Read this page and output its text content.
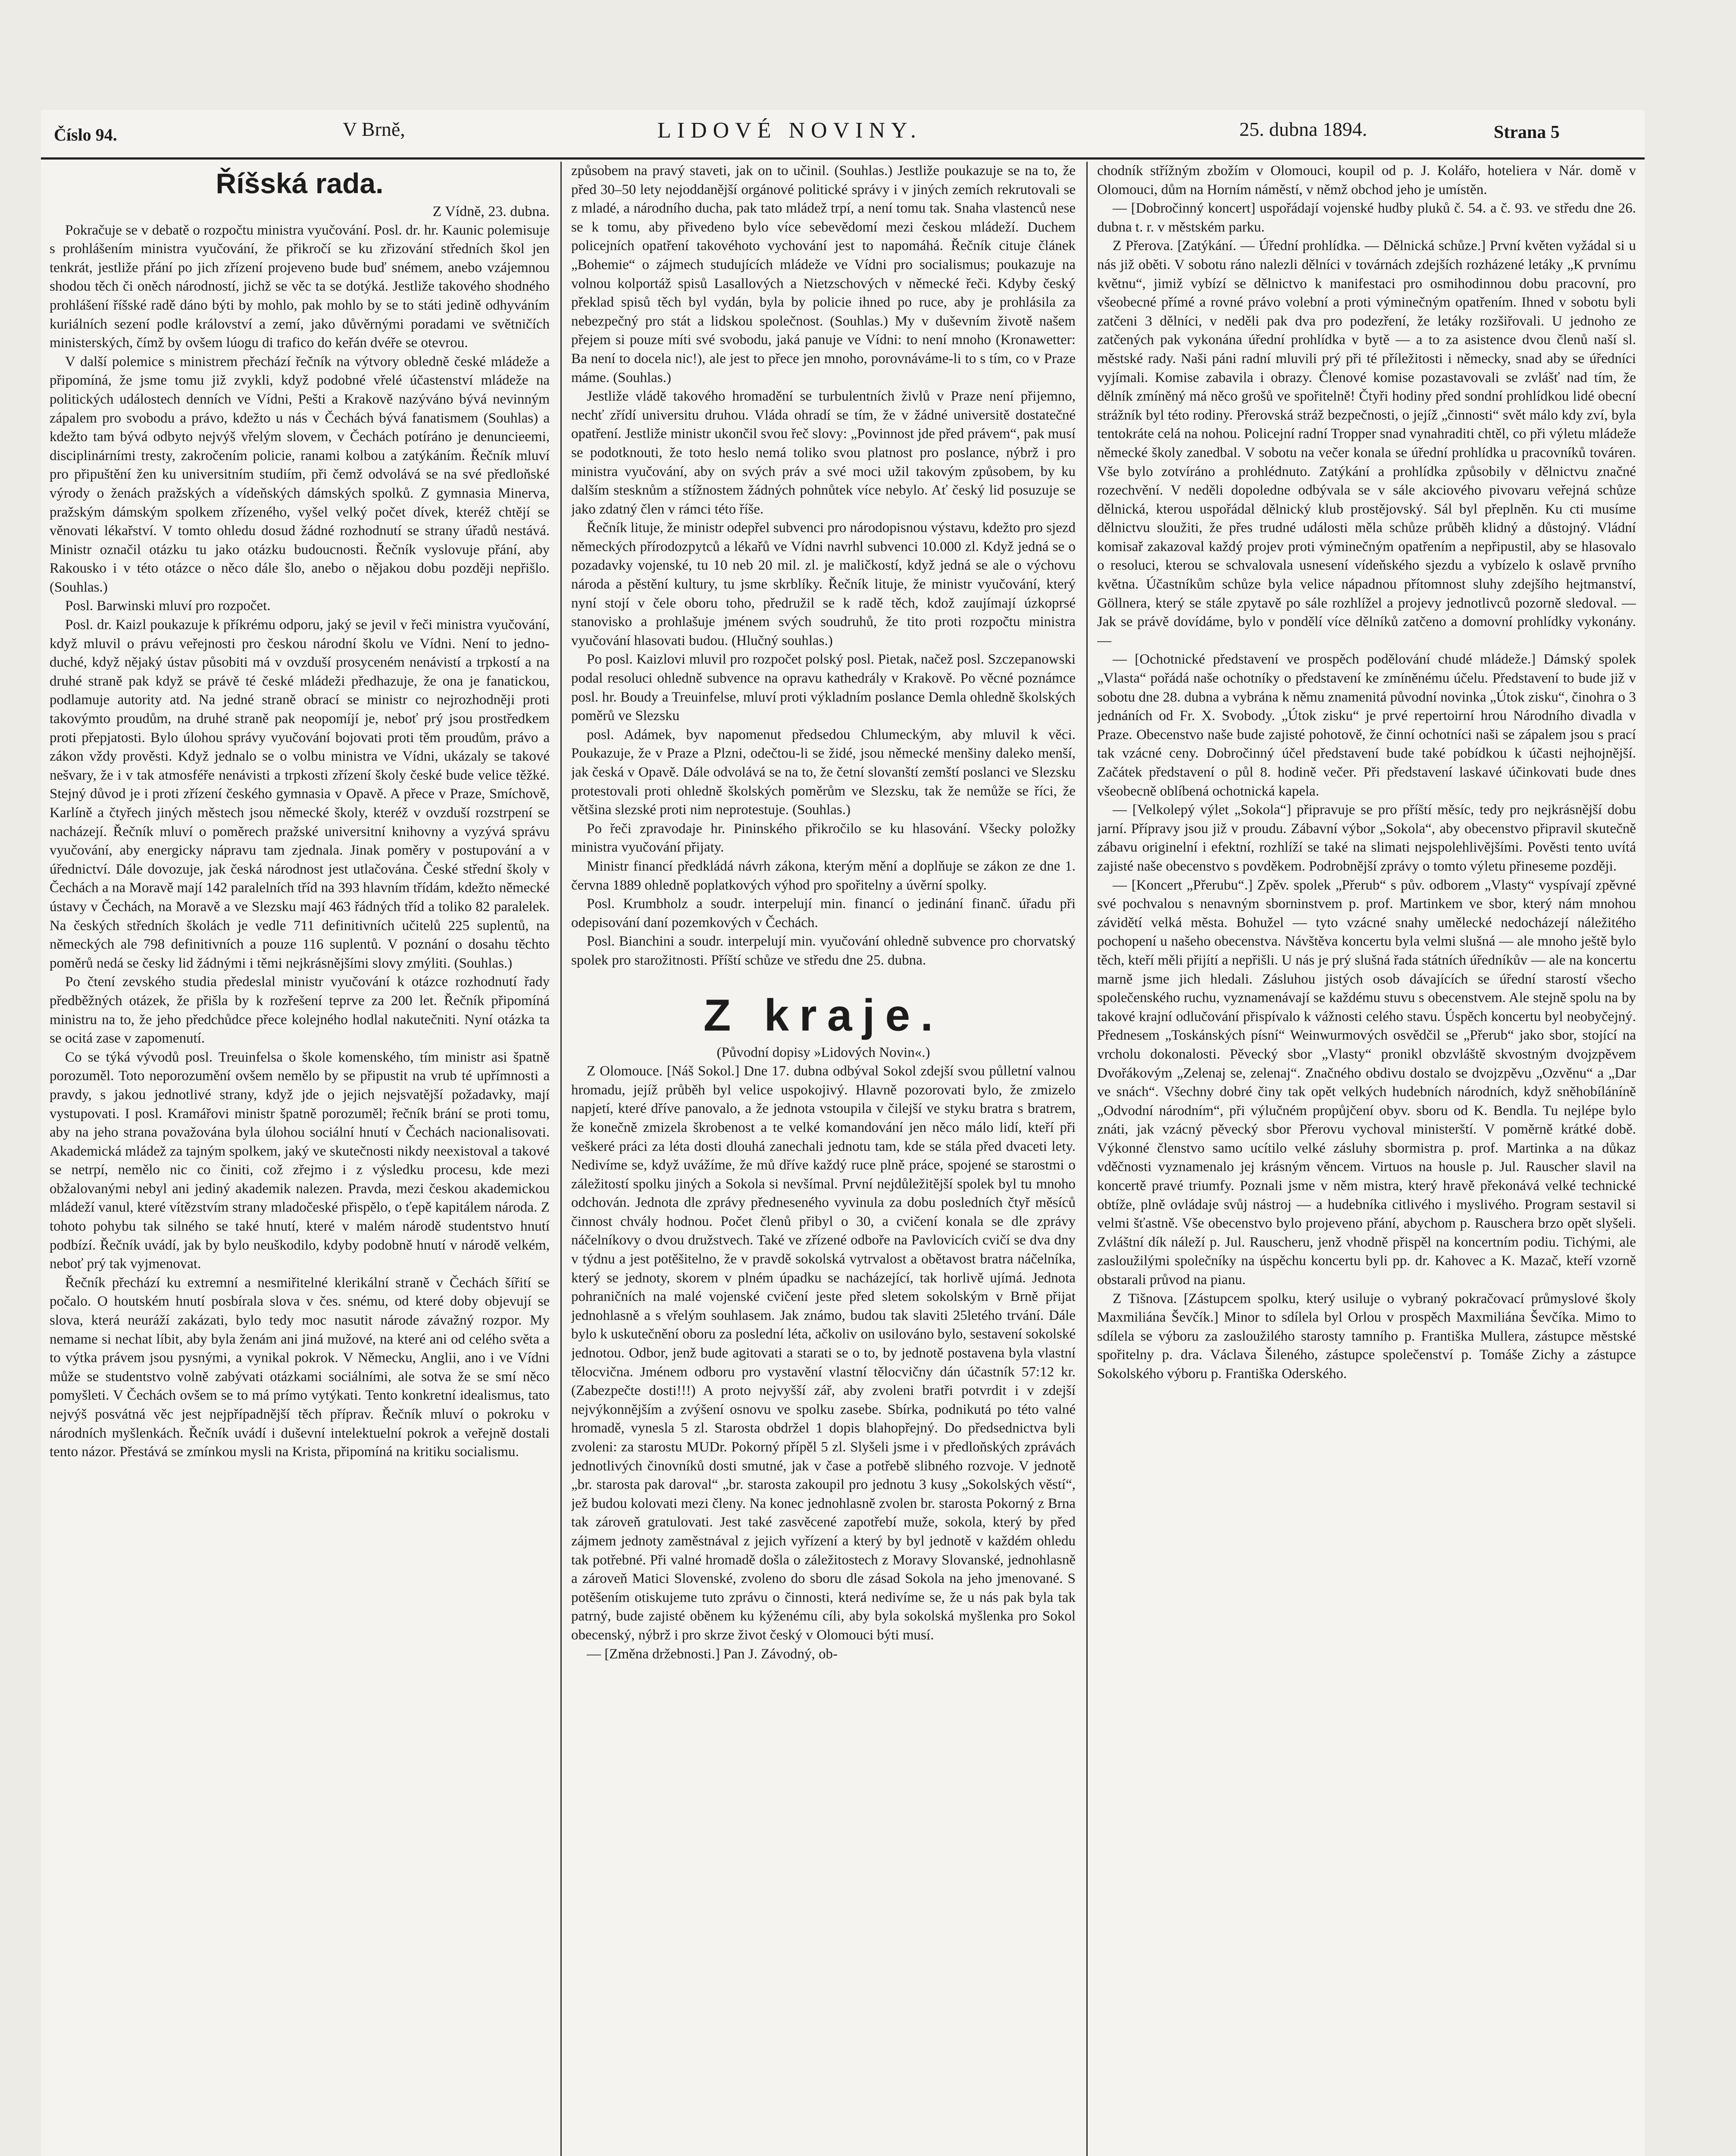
Číslo 94.	V Brně,	LIDOVÉ NOVINY.	25. dubna 1894.	Strana 5
Říšská rada.

Z Vídně, 23. dubna.

Pokračuje se v debatě o rozpočtu ministra vyučování. Posl. dr. hr. Kaunic polemisuje s prohlášením ministra vyučování, že přikročí se ku zřizování středních škol jen tenkrát, jestliže přání po jich zřízení projeveno bude buď snémem, anebo vzájemnou shodou těch či oněch národností, jichž se věc ta se dotýká. Jestliže takového shodného prohlášení říšské radě dáno býti by mohlo, pak mohlo by se to státi jedině odhyváním kuriálních sezení podle království a zemí, jako důvěrnými poradami ve světničích ministerských, čímž by ovšem lúogu di trafico do keřán dvéře se otevrou.

V další polemice s ministrem přechází řečník na výtvory obledně české mládeže a připomíná, že jsme tomu již zvykli, když podobné vřelé účastenství mládeže na politických událostech denních ve Vídni, Pešti a Krakově nazýváno bývá nevinným zápalem pro svobodu a právo, kdežto u nás v Čechách bývá fanatismem (Souhlas) a kdežto tam bývá odbyto nejvýš vřelým slovem, v Čechách potíráno je denuncieemi, disciplinárními tresty, zakročením policie, ranami kolbou a zatýkáním. Řečník mluví pro připuštění žen ku universitním studiím, při čemž odvolává se na své předloňské výrody o ženách pražských a vídeňských dámských spolků. Z gymnasia Minerva, pražským dámským spolkem zřízeného, vyšel velký počet dívek, kteréž chtějí se věnovati lékařství. V tomto ohledu dosud žádné rozhodnutí se strany úřadů nestává. Ministr označil otázku tu jako otázku budoucnosti. Řečník vyslovuje přání, aby Rakousko i v této otázce o něco dále šlo, anebo o nějakou dobu později nepřišlo. (Souhlas.)

Posl. Barwinski mluví pro rozpočet.

Posl. dr. Kaizl poukazuje k příkrému odporu, jaký se jevil v řeči ministra vyučování, když mluvil o právu veřejnosti pro českou národní školu ve Vídni. Není to jedno-duché, když nějaký ústav působiti má v ovzduší prosyceném nenávistí a trpkostí a na druhé straně pak když se právě té české mládeži předhazuje, že ona je fanatickou, podlamuje autority atd. Na jedné straně obrací se ministr co nejrozhodněji proti takovýmto proudům, na druhé straně pak neopomíjí je, neboť prý jsou prostředkem proti přepjatosti. Bylo úlohou správy vyučování bojovati proti těm proudům, právo a zákon vždy prověsti. Když jednalo se o volbu ministra ve Vídni, ukázaly se takové nešvary, že i v tak atmosféře nenávisti a trpkosti zřízení školy české bude velice těžké. Stejný důvod je i proti zřízení českého gymnasia v Opavě. A přece v Praze, Smíchově, Karlíně a čtyřech jiných městech jsou německé školy, kteréž v ovzduší rozstrpení se nacházejí. Řečník mluví o poměrech pražské universitní knihovny a vyzývá správu vyučování, aby energicky nápravu tam zjednala. Jinak poměry v postupování a v úřednictví. Dále dovozuje, jak česká národnost jest utlačována. České střední školy v Čechách a na Moravě mají 142 paralelních tříd na 393 hlavním třídám, kdežto německé ústavy v Čechách, na Moravě a ve Slezsku mají 463 řádných tříd a toliko 82 paralelek. Na českých středních školách je vedle 711 definitivních učitelů 225 suplentů, na německých ale 798 definitivních a pouze 116 suplentů. V poznání o dosahu těchto poměrů nedá se česky lid žádnými i těmi nejkrásnějšími slovy zmýliti. (Souhlas.)

Po čtení zevského studia předeslal ministr vyučování k otázce rozhodnutí řady předběžných otázek, že přišla by k rozřešení teprve za 200 let. Řečník připomíná ministru na to, že jeho předchůdce přece kolejného hodlal nakutečniti. Nyní otázka ta se ocitá zase v zapomenutí.

Co se týká vývodů posl. Treuinfelsa o škole komenského, tím ministr asi špatně porozuměl. Toto neporozumění ovšem nemělo by se připustit na vrub té upřímnosti a pravdy, s jakou jednotlivé strany, když jde o jejich nejsvatější požadavky, mají vystupovati. I posl. Kramářovi ministr špatně porozuměl; řečník brání se proti tomu, aby na jeho strana považována byla úlohou sociální hnutí v Čechách nacionalisovati. Akademická mládež za tajným spolkem, jaký ve skutečnosti nikdy neexistoval a takové se netrpí, nemělo nic co činiti, což zřejmo i z výsledku procesu, kde mezi obžalovanými nebyl ani jediný akademik nalezen. Pravda, mezi českou akademickou mládeží vanul, které vítězstvím strany mladočeské přispělo, o ťepě kapitálem národa. Z tohoto pohybu tak silného se také hnutí, které v malém národě studentstvo hnutí podbízí. Řečník uvádí, jak by bylo neuškodilo, kdyby podobně hnutí v národě velkém, neboť prý tak vyjmenovat.

Řečník přechází ku extremní a nesmiřitelné klerikální straně v Čechách šířití se počalo. O houtském hnutí posbírala slova v čes. snému, od které doby objevují se slova, která neuráží zakázati, bylo tedy moc nasutit národe závažný rozpor. My nemame si nechat líbit, aby byla ženám ani jiná mužové, na které ani od celého světa a to výtka právem jsou pysnými, a vynikal pokrok. V Německu, Anglii, ano i ve Vídni může se studentstvo volně zabývati otázkami sociálními, ale sotva že se smí něco pomyšleti. V Čechách ovšem se to má prímo vytýkati. Tento konkretní idealismus, tato nejvýš posvátná věc jest nejpřípadnější těch příprav. Řečník mluví o pokroku v národních myšlenkách. Řečník uvádí i duševní intelektuelní pokrok a veřejně dostali tento názor. Přestává se zmínkou mysli na Krista, připomíná na kritiku socialismu.

způsobem na pravý staveti, jak on to učinil. (Souhlas.) Jestliže poukazuje se na to, že před 30–50 lety nejoddanější orgánové politické správy i v jiných zemích rekrutovali se z mladé, a národního ducha, pak tato mládež trpí, a není tomu tak. Snaha vlastenců nese se k tomu, aby přivedeno bylo více sebevědomí mezi českou mládeží. Duchem policejních opatření takovéhoto vychování jest to napomáhá. Řečník cituje článek „Bohemie“ o zájmech studujících mládeže ve Vídni pro socialismus; poukazuje na volnou kolportáž spisů Lasallových a Nietzschových v německé řeči. Kdyby český překlad spisů těch byl vydán, byla by policie ihned po ruce, aby je prohlásila za nebezpečný pro stát a lidskou společnost. (Souhlas.) My v duševním životě našem přejem si pouze míti své svobodu, jaká panuje ve Vídni: to není mnoho (Kronawetter: Ba není to docela nic!), ale jest to přece jen mnoho, porovnáváme-li to s tím, co v Praze máme. (Souhlas.)

Jestliže vládě takového hromadění se turbulentních živlů v Praze není přijemno, nechť zřídí universitu druhou. Vláda ohradí se tím, že v žádné universitě dostatečné opatření. Jestliže ministr ukončil svou řeč slovy: „Povinnost jde před právem“, pak musí se podotknouti, že toto heslo nemá toliko svou platnost pro poslance, nýbrž i pro ministra vyučování, aby on svých práv a své moci užil takovým způsobem, by ku dalším stesknům a stížnostem žádných pohnůtek více nebylo. Ať český lid posuzuje se jako zdatný člen v rámci této říše.

Řečník lituje, že ministr odepřel subvenci pro národopisnou výstavu, kdežto pro sjezd německých přírodozpytců a lékařů ve Vídni navrhl subvenci 10.000 zl. Když jedná se o pozadavky vojenské, tu 10 neb 20 mil. zl. je maličkostí, když jedná se ale o výchovu národa a pěstění kultury, tu jsme skrblíky. Řečník lituje, že ministr vyučování, který nyní stojí v čele oboru toho, předružil se k radě těch, kdož zaujímají úzkoprsé stanovisko a prohlašuje jménem svých soudruhů, že tito proti rozpočtu ministra vyučování hlasovati budou. (Hlučný souhlas.)

Po posl. Kaizlovi mluvil pro rozpočet polský posl. Pietak, načež posl. Szczepanowski podal resoluci ohledně subvence na opravu kathedrály v Krakově. Po věcné poznámce posl. hr. Boudy a Treuinfelse, mluví proti výkladním poslance Demla ohledně školských poměrů ve Slezsku

posl. Adámek, byv napomenut předsedou Chlumeckým, aby mluvil k věci. Poukazuje, že v Praze a Plzni, odečtou-li se židé, jsou německé menšiny daleko menší, jak česká v Opavě. Dále odvolává se na to, že četní slovanští zemští poslanci ve Slezsku protestovali proti ohledně školských poměrům ve Slezsku, tak že nemůže se říci, že většina slezské proti nim neprotestuje. (Souhlas.)

Po řeči zpravodaje hr. Pininského přikročilo se ku hlasování. Všecky položky ministra vyučování přijaty.

Ministr financí předkládá návrh zákona, kterým mění a doplňuje se zákon ze dne 1. června 1889 ohledně poplatkových výhod pro spořitelny a úvěrní spolky.

Posl. Krumbholz a soudr. interpelují min. financí o jedinání finanč. úřadu při odepisování daní pozemkových v Čechách.

Posl. Bianchini a soudr. interpelují min. vyučování ohledně subvence pro chorvatský spolek pro starožitnosti. Příští schůze ve středu dne 25. dubna.

Z kraje.

(Původní dopisy »Lidových Novin«.)

Z Olomouce. [Náš Sokol.] Dne 17. dubna odbýval Sokol zdejší svou půlletní valnou hromadu, jejíž průběh byl velice uspokojivý. Hlavně pozorovati bylo, že zmizelo napjetí, které dříve panovalo, a že jednota vstoupila v čilejší ve styku bratra s bratrem, že konečně zmizela škrobenost a te velké komandování jen něco málo lidí, kteří při veškeré práci za léta dosti dlouhá zanechali jednotu tam, kde se stála před dvaceti lety. Nedivíme se, když uvážíme, že mů dříve každý ruce plně práce, spojené se starostmi o záležitostí spolku jiných a Sokola si nevšímal. První nejdůležitější spolek byl tu mnoho odchován. Jednota dle zprávy předneseného vyvinula za dobu posledních čtyř měsíců činnost chvály hodnou. Počet členů přibyl o 30, a cvičení konala se dle zprávy náčelníkovy o dvou družstvech. Také ve zřízené odboře na Pavlovicích cvičí se dva dny v týdnu a jest potěšitelno, že v pravdě sokolská vytrvalost a obětavost bratra náčelníka, který se jednoty, skorem v plném úpadku se nacházející, tak horlivě ujímá. Jednota pohraničních na malé vojenské cvičení jeste před sletem sokolským v Brně přijat jednohlasně a s vřelým souhlasem. Jak známo, budou tak slaviti 25letého trvání. Dále bylo k uskutečnění oboru za poslední léta, ačkoliv on usilováno bylo, sestavení sokolské jednotou. Odbor, jenž bude agitovati a starati se o to, by jednotě postavena byla vlastní tělocvična. Jménem odboru pro vystavění vlastní tělocvičny dán účastník 57:12 kr. (Zabezpečte dosti!!!) A proto nejvyšší zář, aby zvoleni bratři potvrdit i v zdejší nejvýkonnějším a zvýšení osnovu ve spolku zasebe. Sbírka, podnikutá po této valné hromadě, vynesla 5 zl. Starosta obdržel 1 dopis blahopřejný. Do předsednictva byli zvoleni: za starostu MUDr. Pokorný přípěl 5 zl. Slyšeli jsme i v předloňských zprávách jednotlivých činovníků dosti smutné, jak v čase a potřebě slibného rozvoje. V jednotě „br. starosta pak daroval“ „br. starosta zakoupil pro jednotu 3 kusy „Sokolských věstí“, jež budou kolovati mezi členy. Na konec jednohlasně zvolen br. starosta Pokorný z Brna tak zároveň gratulovati. Jest také zasvěcené zapotřebí muže, sokola, který by před zájmem jednoty zaměstnával z jejich vyřízení a který by byl jednotě v každém ohledu tak potřebné. Při valné hromadě došla o záležitostech z Moravy Slovanské, jednohlasně a zároveň Matici Slovenské, zvoleno do sboru dle zásad Sokola na jeho jmenované. S potěšením otiskujeme tuto zprávu o činnosti, která nedivíme se, že u nás pak byla tak patrný, bude zajisté oběnem ku kýženému cíli, aby byla sokolská myšlenka pro Sokol obecenský, nýbrž i pro skrze život český v Olomouci býti musí.

— [Změna držebnosti.] Pan J. Závodný, ob-

chodník střížným zbožím v Olomouci, koupil od p. J. Kolářo, hoteliera v Nár. domě v Olomouci, dům na Horním náměstí, v němž obchod jeho je umístěn.

— [Dobročinný koncert] uspořádají vojenské hudby pluků č. 54. a č. 93. ve středu dne 26. dubna t. r. v městském parku.

Z Přerova. [Zatýkání. — Úřední prohlídka. — Dělnická schůze.] První květen vyžádal si u nás již oběti. V sobotu ráno nalezli dělníci v továrnách zdejších rozházené letáky „K prvnímu květnu“, jimiž vybízí se dělnictvo k manifestaci pro osmihodinnou dobu pracovní, pro všeobecné přímé a rovné právo volební a proti výminečným opatřením. Ihned v sobotu byli zatčeni 3 dělníci, v neděli pak dva pro podezření, že letáky rozšiřovali. U jednoho ze zatčených pak vykonána úřední prohlídka v bytě — a to za asistence dvou členů naší sl. městské rady. Naši páni radní mluvili prý při té příležitosti i německy, snad aby se úředníci vyjímali. Komise zabavila i obrazy. Členové komise pozastavovali se zvlášť nad tím, že dělník zmíněný má něco grošů ve spořitelně! Čtyři hodiny před sondní prohlídkou lidé obecní strážník byl této rodiny. Přerovská stráž bezpečnosti, o jejíž „činnosti“ svět málo kdy zví, byla tentokráte celá na nohou. Policejní radní Tropper snad vynahraditi chtěl, co při výletu mládeže německé školy zanedbal. V sobotu na večer konala se úřední prohlídka u pracovníků továren. Vše bylo zotvíráno a prohlédnuto. Zatýkání a prohlídka způsobily v dělnictvu značné rozechvění. V neděli dopoledne odbývala se v sále akciového pivovaru veřejná schůze dělnická, kterou uspořádal dělnický klub prostějovský. Sál byl přeplněn. Ku cti musíme dělnictvu sloužiti, že přes trudné události měla schůze průběh klidný a důstojný. Vládní komisař zakazoval každý projev proti výminečným opatřením a nepřipustil, aby se hlasovalo o resoluci, kterou se schvalovala usnesení vídeňského sjezdu a vybízelo k oslavě prvního května. Účastníkům schůze byla velice nápadnou přítomnost sluhy zdejšího hejtmanství, Göllnera, který se stále zpytavě po sále rozhlížel a projevy jednotlivců pozorně sledoval. — Jak se právě dovídáme, bylo v pondělí více dělníků zatčeno a domovní prohlídky vykonány. —

— [Ochotnické představení ve prospěch podělování chudé mládeže.] Dámský spolek „Vlasta“ pořádá naše ochotníky o představení ke zmíněnému účelu. Představení to bude již v sobotu dne 28. dubna a vybrána k němu znamenitá původní novinka „Útok zisku“, činohra o 3 jednáních od Fr. X. Svobody. „Útok zisku“ je prvé repertoirní hrou Národního divadla v Praze. Obecenstvo naše bude zajisté pohotově, že činní ochotníci naši se zápalem jsou s prací tak vzácné ceny. Dobročinný účel představení bude také pobídkou k účasti nejhojnější. Začátek představení o půl 8. hodině večer. Při představení laskavé účinkovati bude dnes všeobecně oblíbená ochotnická kapela.

— [Velkolepý výlet „Sokola“] připravuje se pro příští měsíc, tedy pro nejkrásnější dobu jarní. Přípravy jsou již v proudu. Zábavní výbor „Sokola“, aby obecenstvo připravil skutečně zábavu originelní i efektní, rozhlíží se také na slimati nejspolehlivějšími. Pověsti tento uvítá zajisté naše obecenstvo s povděkem. Podrobnější zprávy o tomto výletu přineseme později.

— [Koncert „Přerubu“.] Zpěv. spolek „Přerub“ s pův. odborem „Vlasty“ vyspívají zpěvné své pochvalou s nenavným sborninstvem p. prof. Martinkem ve sbor, který nám mnohou závidětí velká města. Bohužel — tyto vzácné snahy umělecké nedocházejí náležitého pochopení u našeho obecenstva. Návštěva koncertu byla velmi slušná — ale mnoho ještě bylo těch, kteří měli přijítí a nepřišli. U nás je prý slušná řada státních úředníkův — ale na koncertu marně jsme jich hledali. Zásluhou jistých osob dávajících se úřední starostí všecho společenského ruchu, vyznamenávají se každému stuvu s obecenstvem. Ale stejně spolu na by takové krajní odlučování přispívalo k vážnosti celého stavu. Úspěch koncertu byl neobyčejný. Přednesem „Toskánských písní“ Weinwurmových osvědčil se „Přerub“ jako sbor, stojící na vrcholu dokonalosti. Pěvecký sbor „Vlasty“ pronikl obzvláště skvostným dvojzpěvem Dvořákovým „Zelenaj se, zelenaj“. Značného obdivu dostalo se dvojzpěvu „Ozvěnu“ a „Dar ve snách“. Všechny dobré činy tak opět velkých hudebních národních, když sněhobíláníně „Odvodní národním“, při výlučném propůjčení obyv. sboru od K. Bendla. Tu nejlépe bylo znáti, jak vzácný pěvecký sbor Přerovu vychoval ministerští. V poměrně krátké době. Výkonné členstvo samo ucítilo velké zásluhy sbormistra p. prof. Martinka a na důkaz vděčnosti vyznamenalo jej krásným věncem. Virtuos na housle p. Jul. Rauscher slavil na koncertě pravé triumfy. Poznali jsme v něm mistra, který hravě překonává velké technické obtíže, plně ovládaje svůj nástroj — a hudebníka citlivého i myslivého. Program sestavil si velmi šťastně. Vše obecenstvo bylo projeveno přání, abychom p. Rauschera brzo opět slyšeli. Zvláštní dík náleží p. Jul. Rauscheru, jenž vhodně přispěl na koncertním podiu. Tichými, ale zasloužilými společníky na úspěchu koncertu byli pp. dr. Kahovec a K. Mazač, kteří vzorně obstarali průvod na pianu.

Z Tišnova. [Zástupcem spolku, který usiluje o vybraný pokračovací průmyslové školy Maxmiliána Ševčík.] Minor to sdílela byl Orlou v prospěch Maxmiliána Ševčíka. Mimo to sdílela se výboru za zasloužilého starosty tamního p. Františka Mullera, zástupce městské spořitelny p. dra. Václava Šileného, zástupce společenství p. Tomáše Zichy a zástupce Sokolského výboru p. Františka Oderského.
